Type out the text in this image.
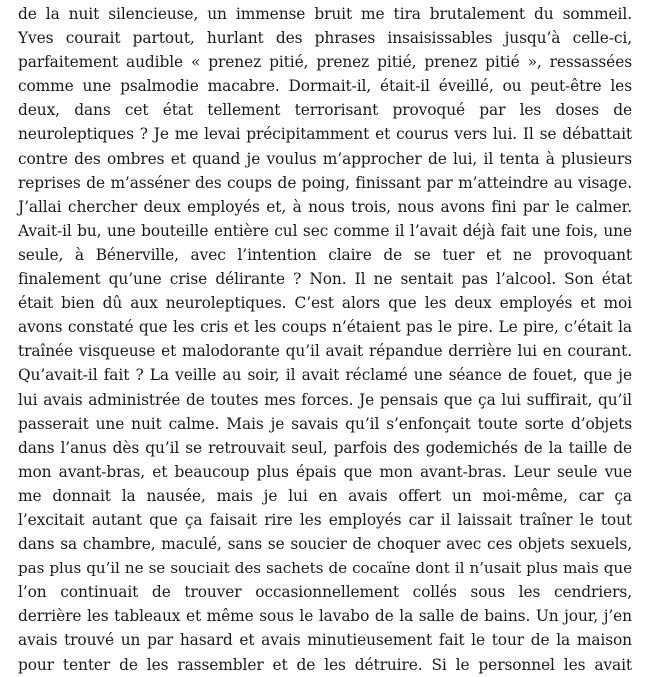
de la nuit silencieuse, un immense bruit me tira brutalement du sommeil.
Yves courait partout, hurlant des phrases insaisissables jusqu’à celle-ci,
parfaitement audible « prenez pitié, prenez pitié, prenez pitié », ressassées
comme une psalmodie macabre. Dormait-il, était-il éveillé, ou peut-être les
deux, dans cet état tellement terrorisant provoqué par les doses de
neuroleptiques ? Je me levai précipitamment et courus vers lui. Il se débattait
contre des ombres et quand je voulus m’approcher de lui, il tenta à plusieurs
reprises de m’asséner des coups de poing, finissant par m’atteindre au visage.
J’allai chercher deux employés et, à nous trois, nous avons fini par le calmer.
Avait-il bu, une bouteille entière cul sec comme il l’avait déjà fait une fois, une
seule, à Bénerville, avec l’intention claire de se tuer et ne provoquant
finalement qu’une crise délirante ? Non. Il ne sentait pas l’alcool. Son état
était bien dû aux neuroleptiques. C’est alors que les deux employés et moi
avons constaté que les cris et les coups n’étaient pas le pire. Le pire, c’était la
traînée visqueuse et malodorante qu’il avait répandue derrière lui en courant.
Qu’avait-il fait ? La veille au soir, il avait réclamé une séance de fouet, que je
lui avais administrée de toutes mes forces. Je pensais que ça lui suffirait, qu’il
passerait une nuit calme. Mais je savais qu’il s’enfonçait toute sorte d’objets
dans l’anus dès qu’il se retrouvait seul, parfois des godemichés de la taille de
mon avant-bras, et beaucoup plus épais que mon avant-bras. Leur seule vue
me donnait la nausée, mais je lui en avais offert un moi-même, car ça
l’excitait autant que ça faisait rire les employés car il laissait traîner le tout
dans sa chambre, maculé, sans se soucier de choquer avec ces objets sexuels,
pas plus qu’il ne se souciait des sachets de cocaïne dont il n’usait plus mais que
l’on continuait de trouver occasionnellement collés sous les cendriers,
derrière les tableaux et même sous le lavabo de la salle de bains. Un jour, j’en
avais trouvé un par hasard et avais minutieusement fait le tour de la maison
pour tenter de les rassembler et de les détruire. Si le personnel les avait
